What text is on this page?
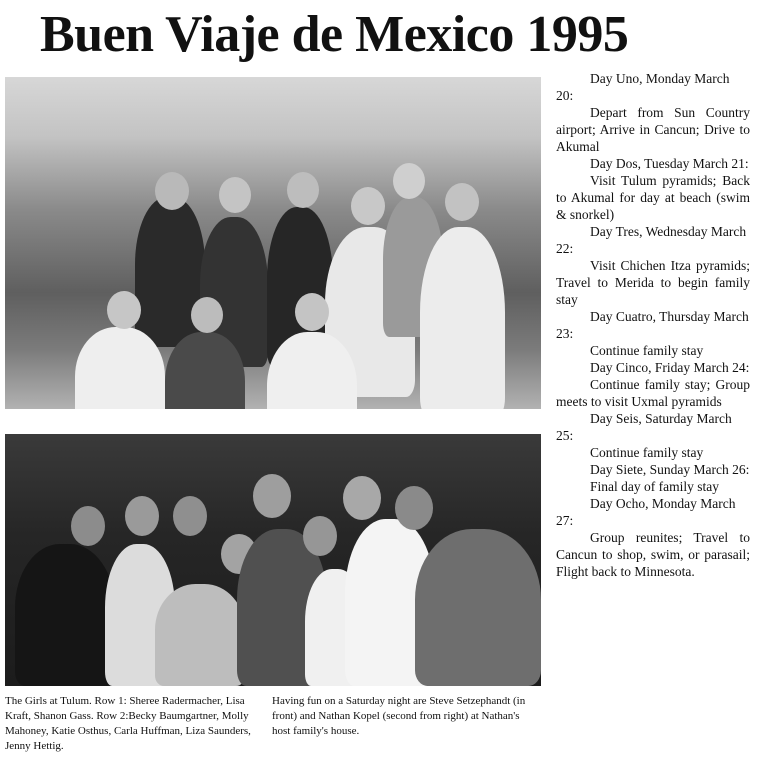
Buen Viaje de Mexico 1995
The Girls at Tulum. Row 1: Sheree Radermacher, Lisa Kraft, Shanon Gass. Row 2:Becky Baumgartner, Molly Mahoney, Katie Osthus, Carla Huffman, Liza Saunders, Jenny Hettig.
Having fun on a Saturday night are Steve Setzephandt (in front) and Nathan Kopel (second from right) at Nathan's host family's house.

Day Uno, Monday March 20:

Depart from Sun Country airport; Arrive in Cancun; Drive to Akumal

Day Dos, Tuesday March 21:

Visit Tulum pyramids; Back to Akumal for day at beach (swim & snorkel)

Day Tres, Wednesday March 22:

Visit Chichen Itza pyramids; Travel to Merida to begin family stay

Day Cuatro, Thursday March 23:

Continue family stay

Day Cinco, Friday March 24:

Continue family stay; Group meets to visit Uxmal pyramids

Day Seis, Saturday March 25:

Continue family stay

Day Siete, Sunday March 26:

Final day of family stay

Day Ocho, Monday March 27:

Group reunites; Travel to Cancun to shop, swim, or parasail; Flight back to Minnesota.
